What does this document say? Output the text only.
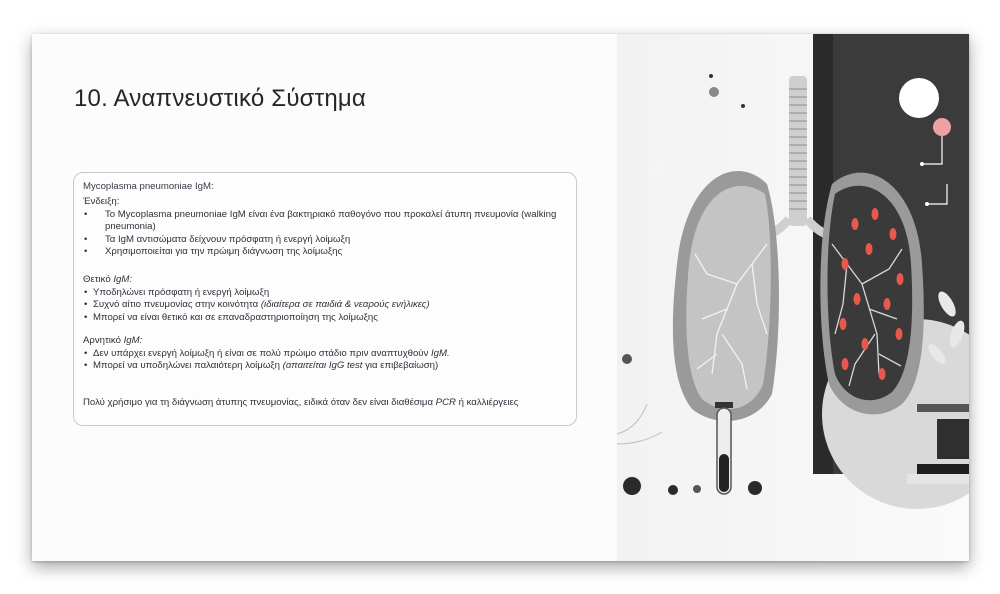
10. Αναπνευστικό Σύστημα
Mycoplasma pneumoniae IgM:
Ένδειξη:
• Το Mycoplasma pneumoniae IgM είναι ένα βακτηριακό παθογόνο που προκαλεί άτυπη πνευμονία (walking pneumonia)
• Τα IgM αντισώματα δείχνουν πρόσφατη ή ενεργή λοίμωξη
• Χρησιμοποιείται για την πρώιμη διάγνωση της λοίμωξης
Θετικό IgM:
• Υποδηλώνει πρόσφατη ή ενεργή λοίμωξη
• Συχνό αίτιο πνευμονίας στην κοινότητα (ιδιαίτερα σε παιδιά & νεαρούς ενήλικες)
• Μπορεί να είναι θετικό και σε επαναδραστηριοποίηση της λοίμωξης
Αρνητικό IgM:
• Δεν υπάρχει ενεργή λοίμωξη ή είναι σε πολύ πρώιμο στάδιο πριν αναπτυχθούν IgM.
• Μπορεί να υποδηλώνει παλαιότερη λοίμωξη (απαιτείται IgG test για επιβεβαίωση)
Πολύ χρήσιμο για τη διάγνωση άτυπης πνευμονίας, ειδικά όταν δεν είναι διαθέσιμα PCR ή καλλιέργειες
